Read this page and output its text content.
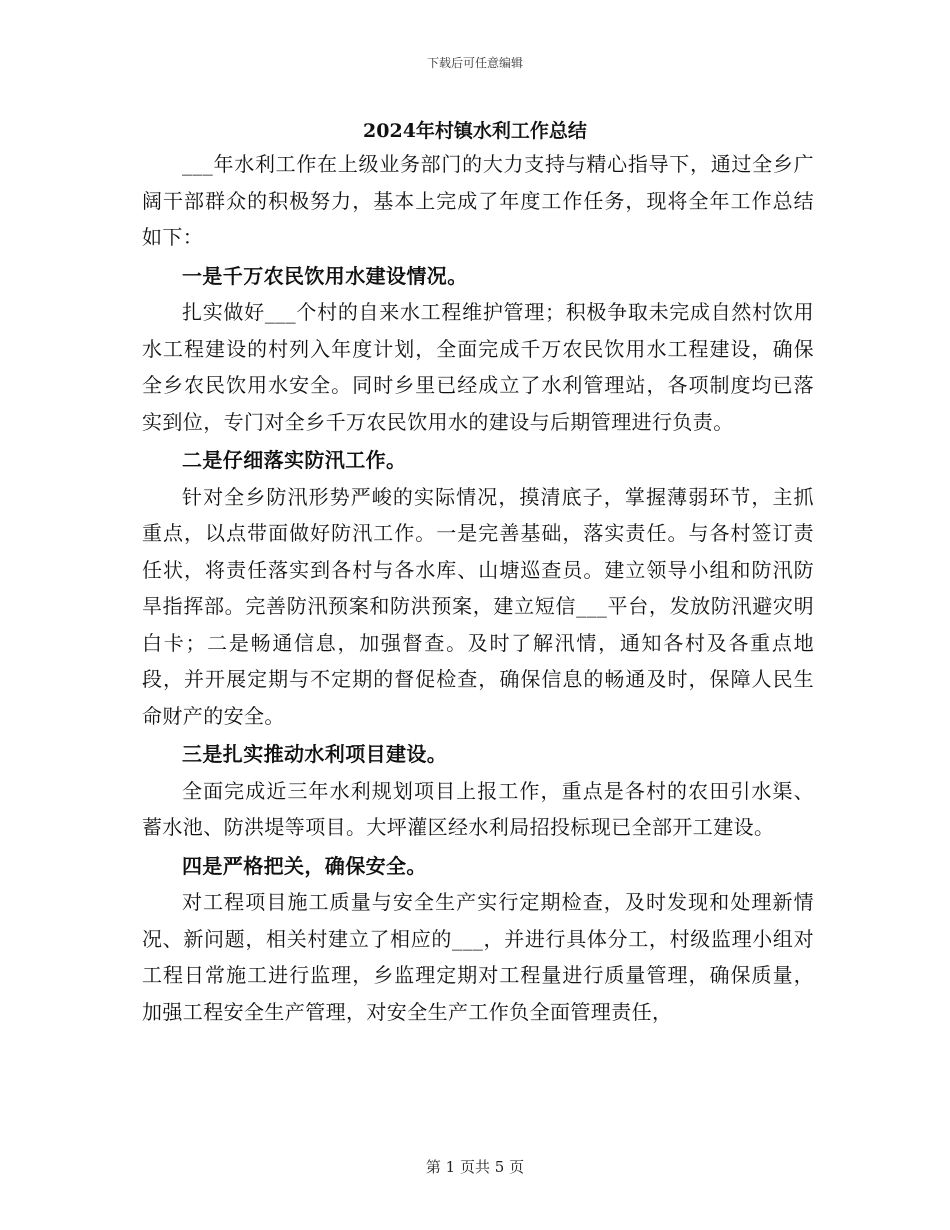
下载后可任意编辑
2024年村镇水利工作总结

___年水利工作在上级业务部门的大力支持与精心指导下，通过全乡广阔干部群众的积极努力，基本上完成了年度工作任务，现将全年工作总结如下：

一是千万农民饮用水建设情况。

扎实做好___个村的自来水工程维护管理；积极争取未完成自然村饮用水工程建设的村列入年度计划，全面完成千万农民饮用水工程建设，确保全乡农民饮用水安全。同时乡里已经成立了水利管理站，各项制度均已落实到位，专门对全乡千万农民饮用水的建设与后期管理进行负责。

二是仔细落实防汛工作。

针对全乡防汛形势严峻的实际情况，摸清底子，掌握薄弱环节，主抓重点，以点带面做好防汛工作。一是完善基础，落实责任。与各村签订责任状，将责任落实到各村与各水库、山塘巡查员。建立领导小组和防汛防旱指挥部。完善防汛预案和防洪预案，建立短信___平台，发放防汛避灾明白卡；二是畅通信息，加强督查。及时了解汛情，通知各村及各重点地段，并开展定期与不定期的督促检查，确保信息的畅通及时，保障人民生命财产的安全。

三是扎实推动水利项目建设。

全面完成近三年水利规划项目上报工作，重点是各村的农田引水渠、蓄水池、防洪堤等项目。大坪灌区经水利局招投标现已全部开工建设。

四是严格把关，确保安全。

对工程项目施工质量与安全生产实行定期检查，及时发现和处理新情况、新问题，相关村建立了相应的___，并进行具体分工，村级监理小组对工程日常施工进行监理，乡监理定期对工程量进行质量管理，确保质量，加强工程安全生产管理，对安全生产工作负全面管理责任，

第 1 页共 5 页
